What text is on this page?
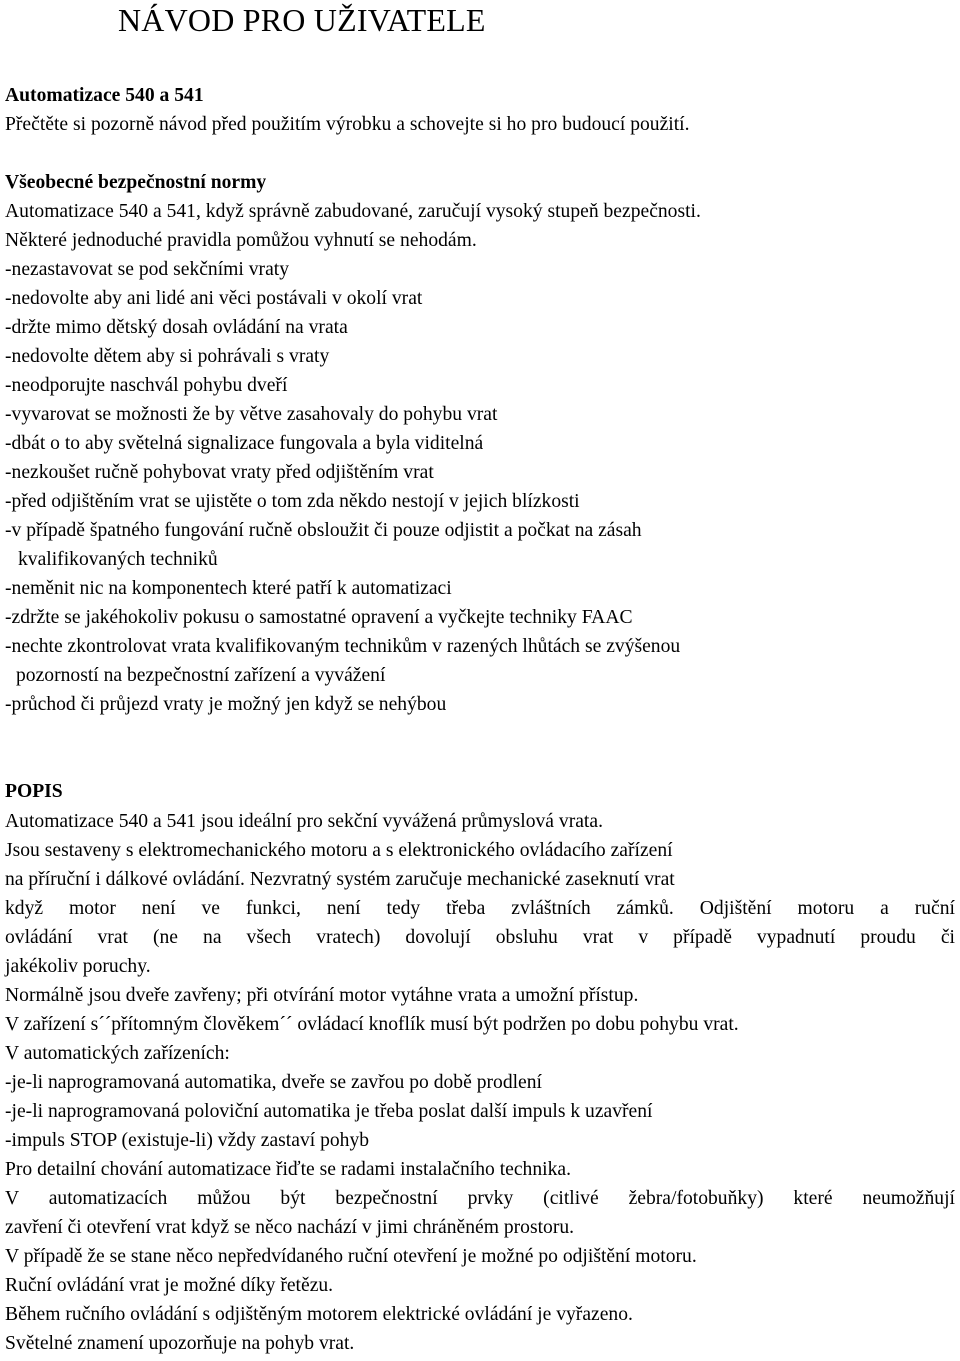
NÁVOD PRO UŽIVATELE
Automatizace 540 a 541
Přečtěte si pozorně návod před použitím výrobku a schovejte si ho pro budoucí použití.
Všeobecné bezpečnostní normy
Automatizace 540 a 541, když správně zabudované, zaručují vysoký stupeň bezpečnosti.
Některé jednoduché pravidla pomůžou vyhnutí se nehodám.
-nezastavovat se pod sekčními vraty
-nedovolte aby ani lidé ani věci postávali v okolí vrat
-držte mimo dětský dosah ovládání na vrata
-nedovolte dětem aby si pohrávali s vraty
-neodporujte naschvál pohybu dveří
-vyvarovat se možnosti že by větve zasahovaly do pohybu vrat
-dbát o to aby světelná signalizace fungovala a byla viditelná
-nezkoušet ručně pohybovat vraty před odjištěním vrat
-před odjištěním vrat se ujistěte o tom zda někdo nestojí v jejich blízkosti
-v případě špatného fungování ručně obsloužit či pouze odjistit a počkat na zásah
kvalifikovaných techniků
-neměnit nic na komponentech které patří k automatizaci
-zdržte se jakéhokoliv pokusu o samostatné opravení a vyčkejte techniky FAAC
-nechte zkontrolovat vrata kvalifikovaným technikům v razených lhůtách se zvýšenou
pozorností na bezpečnostní zařízení a vyvážení
-průchod či průjezd vraty je možný jen když se nehýbou
POPIS
Automatizace 540 a 541 jsou ideální pro sekční vyvážená průmyslová vrata.
Jsou sestaveny s elektromechanického motoru a s elektronického ovládacího zařízení
na příruční i dálkové ovládání. Nezvratný systém zaručuje mechanické zaseknutí vrat
když motor není ve funkci, není tedy třeba zvláštních zámků. Odjištění motoru a ruční
ovládání vrat (ne na všech vratech) dovolují obsluhu vrat v případě vypadnutí proudu či
jakékoliv poruchy.
Normálně jsou dveře zavřeny; při otvírání motor vytáhne vrata a umožní přístup.
V zařízení s´´přítomným člověkem´´ ovládací knoflík musí být podržen po dobu pohybu vrat.
V automatických zařízeních:
-je-li naprogramovaná automatika, dveře se zavřou po době prodlení
-je-li naprogramovaná poloviční automatika je třeba poslat další impuls k uzavření
-impuls STOP (existuje-li) vždy zastaví pohyb
Pro detailní chování automatizace řiďte se radami instalačního technika.
V automatizacích můžou být bezpečnostní prvky (citlivé žebra/fotobuňky) které neumožňují
zavření či otevření vrat když se něco nachází v jimi chráněném prostoru.
V případě že se stane něco nepředvídaného ruční otevření je možné po odjištění motoru.
Ruční ovládání vrat je možné díky řetězu.
Během ručního ovládání s odjištěným motorem elektrické ovládání je vyřazeno.
Světelné znamení upozorňuje na pohyb vrat.
